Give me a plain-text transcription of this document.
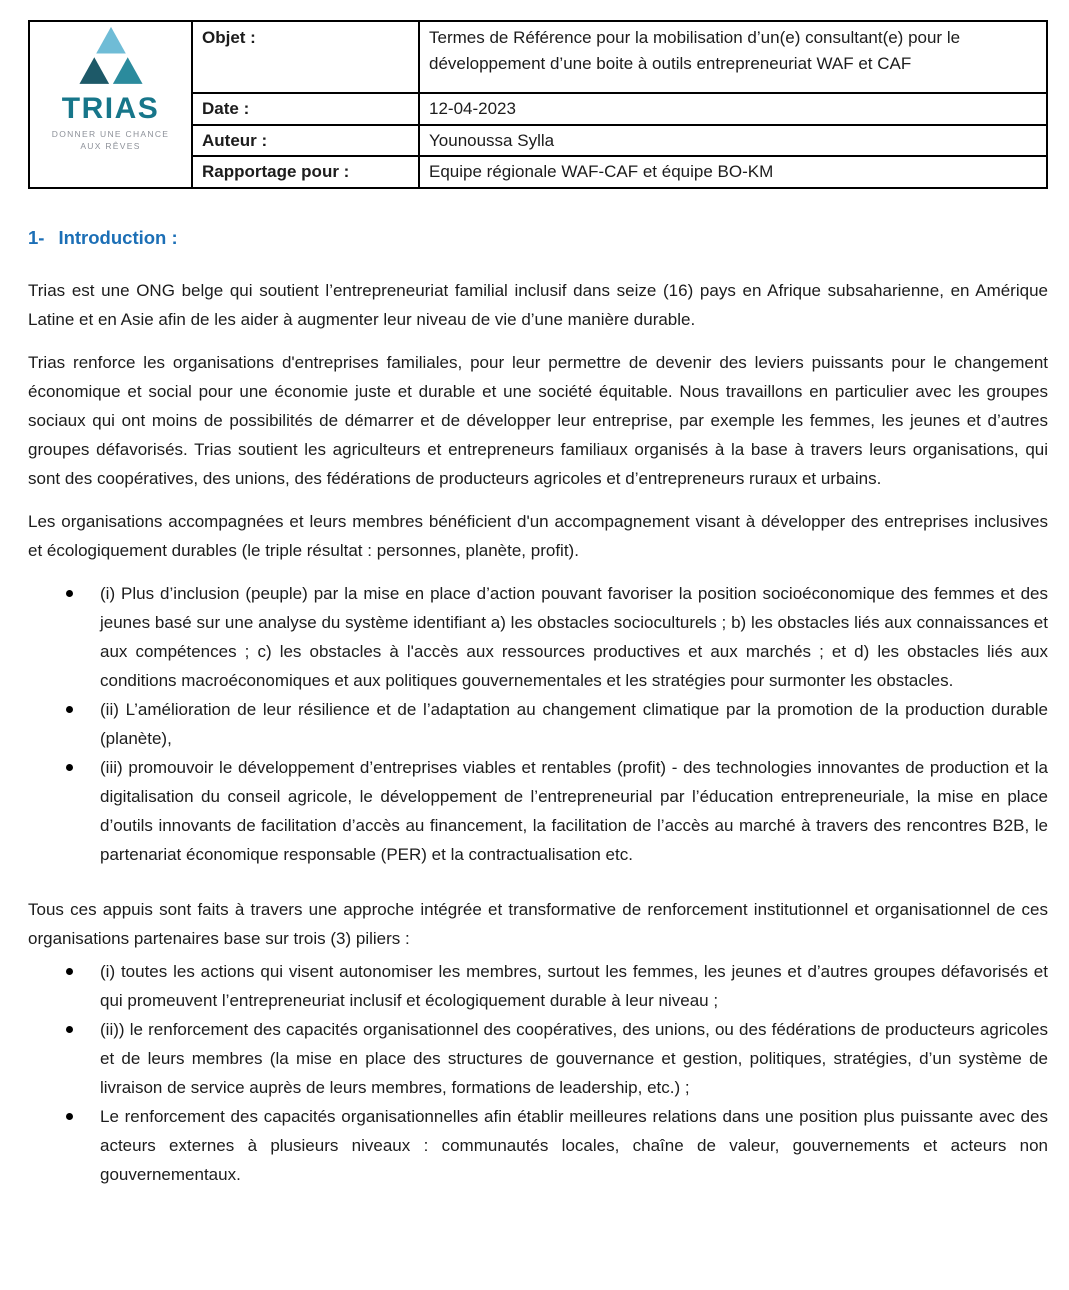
TRIAS
DONNER UNE CHANCE
AUX RÊVES	Objet :	Termes de Référence pour la mobilisation d’un(e) consultant(e) pour le développement d’une boite à outils entrepreneuriat WAF et CAF
	Date :	12-04-2023
	Auteur :	Younoussa Sylla
	Rapportage pour :	Equipe régionale WAF-CAF et équipe BO-KM
1- Introduction :

Trias est une ONG belge qui soutient l’entrepreneuriat familial inclusif dans seize (16) pays en Afrique subsaharienne, en Amérique Latine et en Asie afin de les aider à augmenter leur niveau de vie d’une manière durable.

Trias renforce les organisations d'entreprises familiales, pour leur permettre de devenir des leviers puissants pour le changement économique et social pour une économie juste et durable et une société équitable. Nous travaillons en particulier avec les groupes sociaux qui ont moins de possibilités de démarrer et de développer leur entreprise, par exemple les femmes, les jeunes et d’autres groupes défavorisés. Trias soutient les agriculteurs et entrepreneurs familiaux organisés à la base à travers leurs organisations, qui sont des coopératives, des unions, des fédérations de producteurs agricoles et d’entrepreneurs ruraux et urbains.

Les organisations accompagnées et leurs membres bénéficient d'un accompagnement visant à développer des entreprises inclusives et écologiquement durables (le triple résultat : personnes, planète, profit).

(i) Plus d’inclusion (peuple) par la mise en place d’action pouvant favoriser la position socioéconomique des femmes et des jeunes basé sur une analyse du système identifiant a) les obstacles socioculturels ; b) les obstacles liés aux connaissances et aux compétences ; c) les obstacles à l'accès aux ressources productives et aux marchés ; et d) les obstacles liés aux conditions macroéconomiques et aux politiques gouvernementales et les stratégies pour surmonter les obstacles.
(ii) L’amélioration de leur résilience et de l’adaptation au changement climatique par la promotion de la production durable (planète),
(iii) promouvoir le développement d’entreprises viables et rentables (profit) - des technologies innovantes de production et la digitalisation du conseil agricole, le développement de l’entrepreneurial par l’éducation entrepreneuriale, la mise en place d’outils innovants de facilitation d’accès au financement, la facilitation de l’accès au marché à travers des rencontres B2B, le partenariat économique responsable (PER) et la contractualisation etc.

Tous ces appuis sont faits à travers une approche intégrée et transformative de renforcement institutionnel et organisationnel de ces organisations partenaires base sur trois (3) piliers :

(i) toutes les actions qui visent autonomiser les membres, surtout les femmes, les jeunes et d’autres groupes défavorisés et qui promeuvent l’entrepreneuriat inclusif et écologiquement durable à leur niveau ;
(ii)) le renforcement des capacités organisationnel des coopératives, des unions, ou des fédérations de producteurs agricoles et de leurs membres (la mise en place des structures de gouvernance et gestion, politiques, stratégies, d’un système de livraison de service auprès de leurs membres, formations de leadership, etc.) ;
Le renforcement des capacités organisationnelles afin établir meilleures relations dans une position plus puissante avec des acteurs externes à plusieurs niveaux : communautés locales, chaîne de valeur, gouvernements et acteurs non gouvernementaux.
